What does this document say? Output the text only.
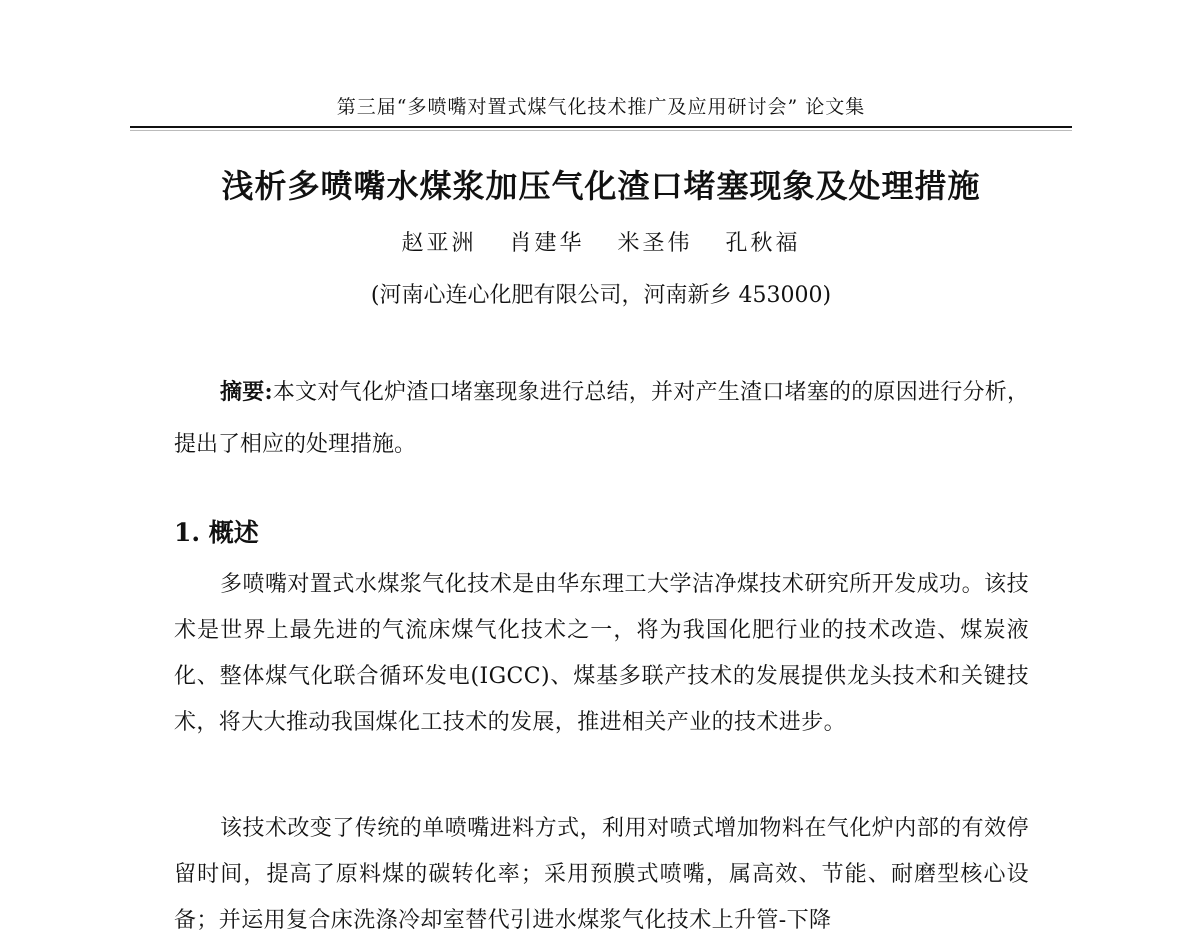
第三届“多喷嘴对置式煤气化技术推广及应用研讨会” 论文集
浅析多喷嘴水煤浆加压气化渣口堵塞现象及处理措施
赵亚洲 肖建华 米圣伟 孔秋福
(河南心连心化肥有限公司，河南新乡 453000)
摘要:本文对气化炉渣口堵塞现象进行总结，并对产生渣口堵塞的的原因进行分析，提出了相应的处理措施。
1. 概述
多喷嘴对置式水煤浆气化技术是由华东理工大学洁净煤技术研究所开发成功。该技术是世界上最先进的气流床煤气化技术之一，将为我国化肥行业的技术改造、煤炭液化、整体煤气化联合循环发电(IGCC)、煤基多联产技术的发展提供龙头技术和关键技术，将大大推动我国煤化工技术的发展，推进相关产业的技术进步。
该技术改变了传统的单喷嘴进料方式，利用对喷式增加物料在气化炉内部的有效停留时间，提高了原料煤的碳转化率；采用预膜式喷嘴，属高效、节能、耐磨型核心设备；并运用复合床洗涤冷却室替代引进水煤浆气化技术上升管-下降
